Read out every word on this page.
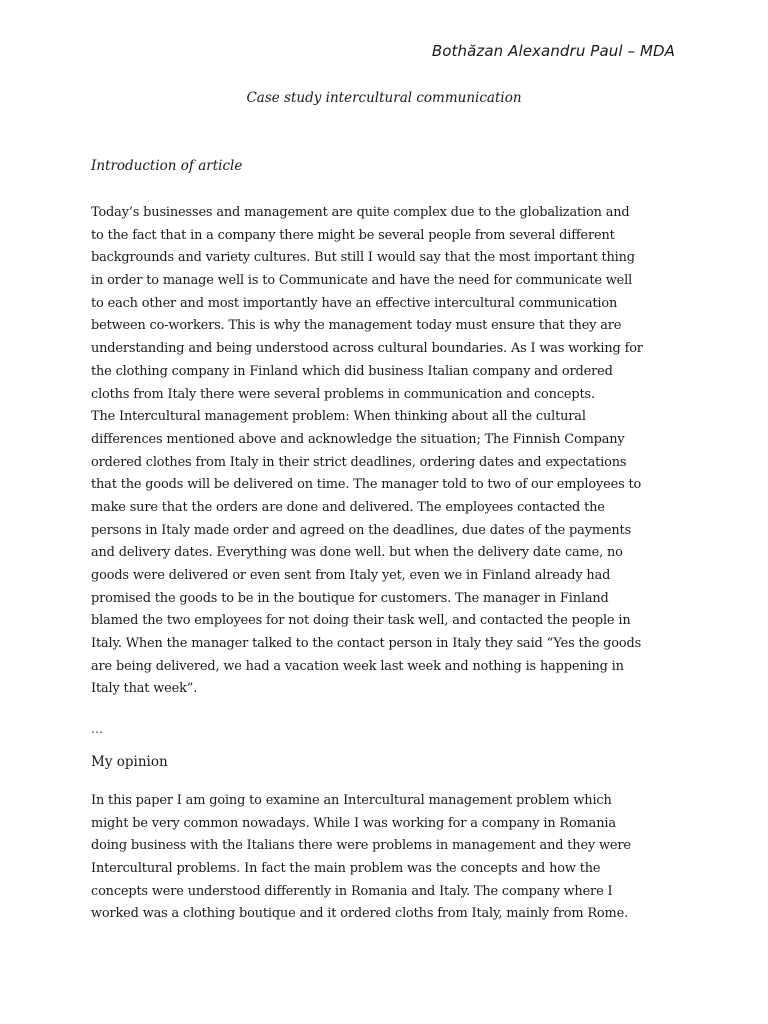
Bothăzan Alexandru Paul – MDA
Case study intercultural communication
Introduction of article
Today’s businesses and management are quite complex due to the globalization and
to the fact that in a company there might be several people from several different
backgrounds and variety cultures. But still I would say that the most important thing
in order to manage well is to Communicate and have the need for communicate well
to each other and most importantly have an effective intercultural communication
between co-workers. This is why the management today must ensure that they are
understanding and being understood across cultural boundaries. As I was working for
the clothing company in Finland which did business Italian company and ordered
cloths from Italy there were several problems in communication and concepts.
The Intercultural management problem: When thinking about all the cultural
differences mentioned above and acknowledge the situation; The Finnish Company
ordered clothes from Italy in their strict deadlines, ordering dates and expectations
that the goods will be delivered on time. The manager told to two of our employees to
make sure that the orders are done and delivered. The employees contacted the
persons in Italy made order and agreed on the deadlines, due dates of the payments
and delivery dates. Everything was done well. but when the delivery date came, no
goods were delivered or even sent from Italy yet, even we in Finland already had
promised the goods to be in the boutique for customers. The manager in Finland
blamed the two employees for not doing their task well, and contacted the people in
Italy. When the manager talked to the contact person in Italy they said “Yes the goods
are being delivered, we had a vacation week last week and nothing is happening in
Italy that week”.
…
My opinion
In this paper I am going to examine an Intercultural management problem which
might be very common nowadays. While I was working for a company in Romania
doing business with the Italians there were problems in management and they were
Intercultural problems. In fact the main problem was the concepts and how the
concepts were understood differently in Romania and Italy. The company where I
worked was a clothing boutique and it ordered cloths from Italy, mainly from Rome.
